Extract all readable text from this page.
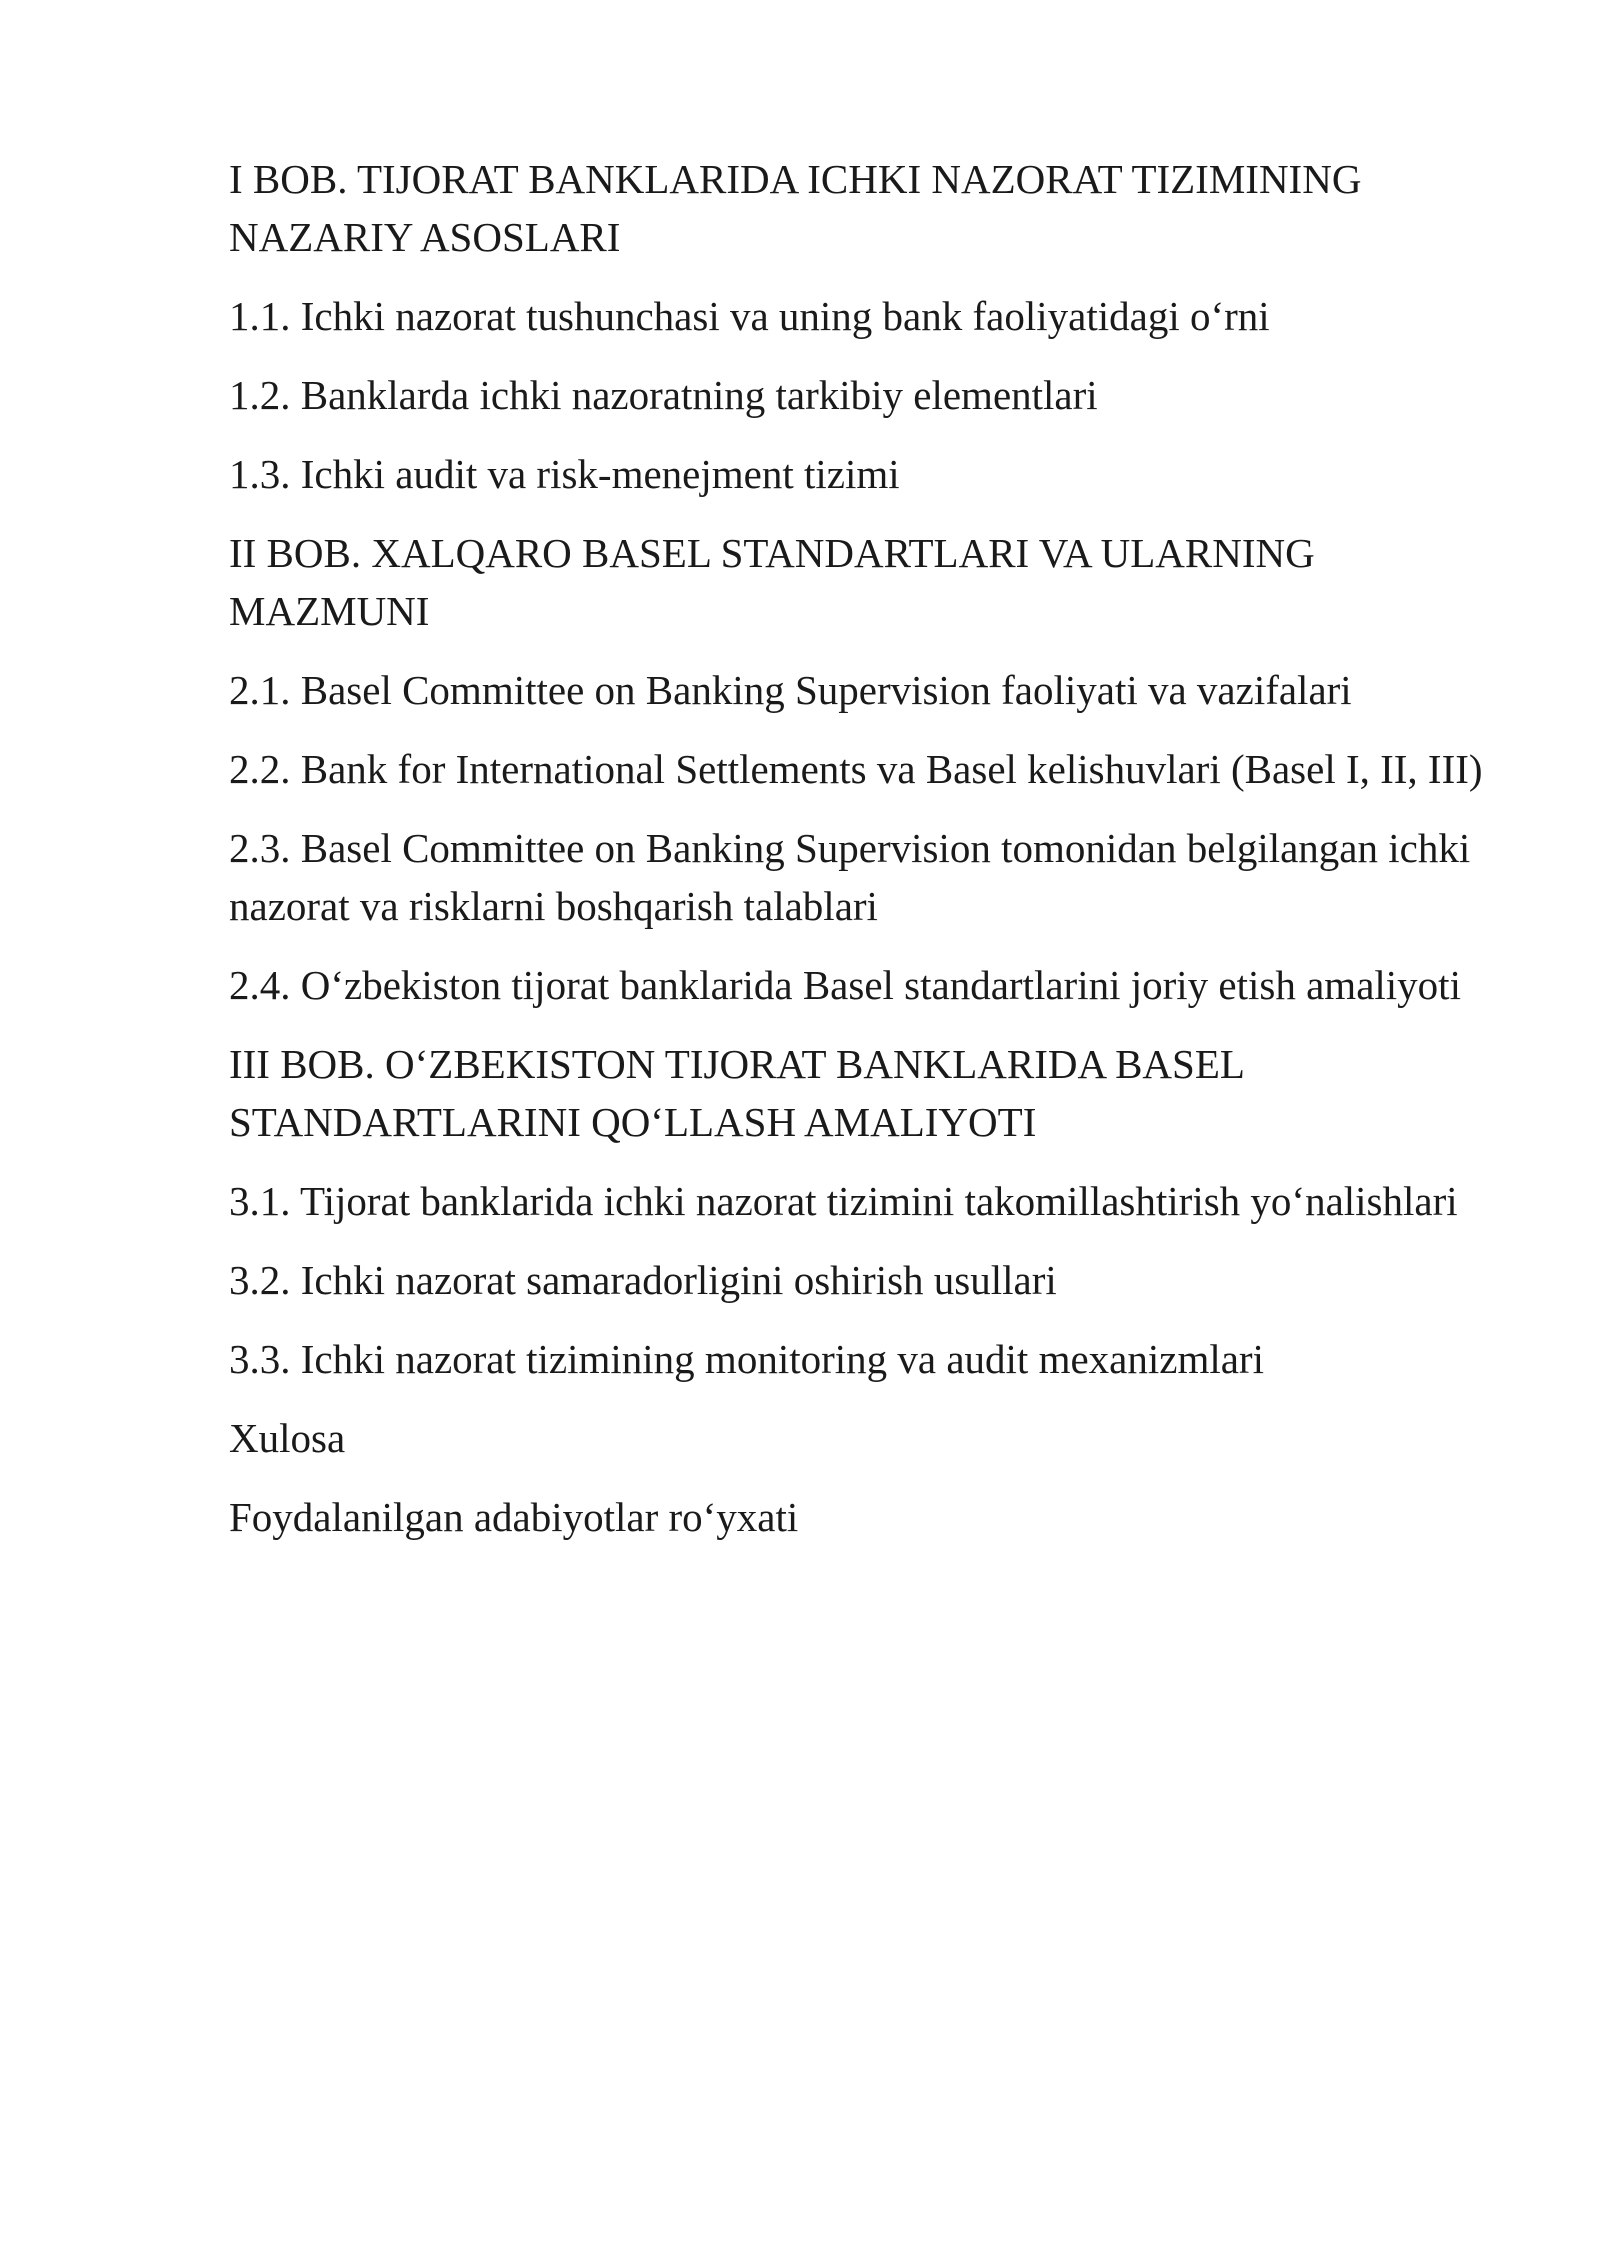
I BOB. TIJORAT BANKLARIDA ICHKI NAZORAT TIZIMINING NAZARIY ASOSLARI

1.1. Ichki nazorat tushunchasi va uning bank faoliyatidagi o‘rni

1.2. Banklarda ichki nazoratning tarkibiy elementlari

1.3. Ichki audit va risk-menejment tizimi

II BOB. XALQARO BASEL STANDARTLARI VA ULARNING MAZMUNI

2.1. Basel Committee on Banking Supervision faoliyati va vazifalari

2.2. Bank for International Settlements va Basel kelishuvlari (Basel I, II, III)

2.3. Basel Committee on Banking Supervision tomonidan belgilangan ichki nazorat va risklarni boshqarish talablari

2.4. O‘zbekiston tijorat banklarida Basel standartlarini joriy etish amaliyoti

III BOB. O‘ZBEKISTON TIJORAT BANKLARIDA BASEL STANDARTLARINI QO‘LLASH AMALIYOTI

3.1. Tijorat banklarida ichki nazorat tizimini takomillashtirish yo‘nalishlari

3.2. Ichki nazorat samaradorligini oshirish usullari

3.3. Ichki nazorat tizimining monitoring va audit mexanizmlari

Xulosa

Foydalanilgan adabiyotlar ro‘yxati
